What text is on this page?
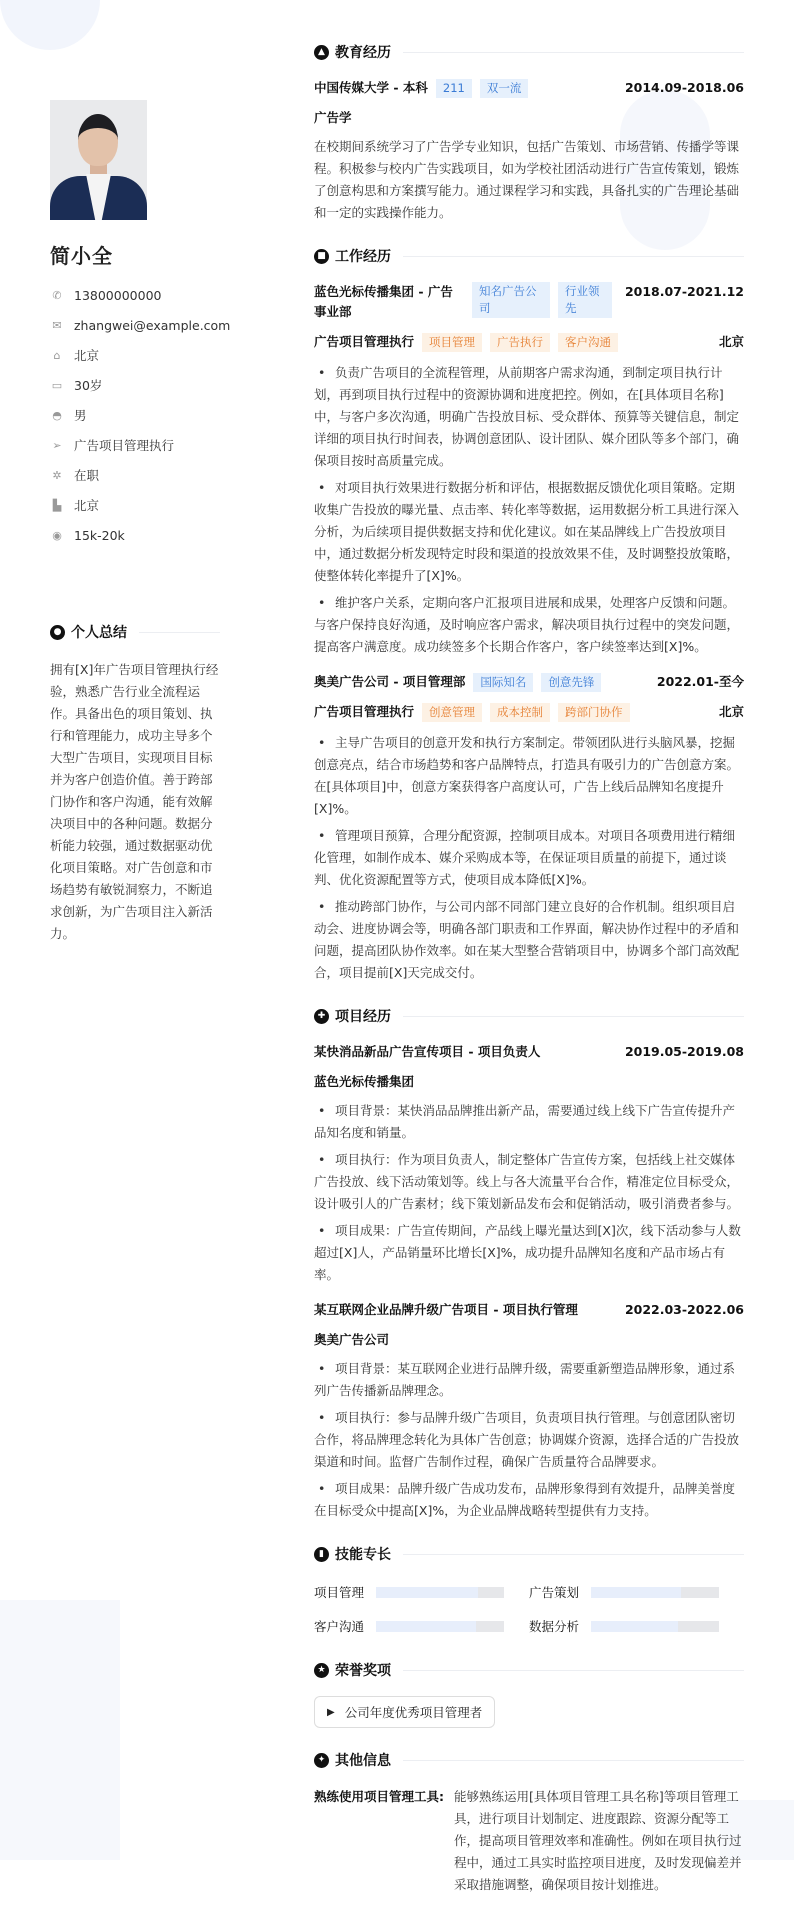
简小全
✆ 13800000000
✉ zhangwei@example.com
⌂ 北京
▭ 30岁
◓ 男
➢ 广告项目管理执行
✲ 在职
▙ 北京
◉ 15k-20k
● 个人总结
拥有[X]年广告项目管理执行经验，熟悉广告行业全流程运作。具备出色的项目策划、执行和管理能力，成功主导多个大型广告项目，实现项目目标并为客户创造价值。善于跨部门协作和客户沟通，能有效解决项目中的各种问题。数据分析能力较强，通过数据驱动优化项目策略。对广告创意和市场趋势有敏锐洞察力，不断追求创新，为广告项目注入新活力。
▲ 教育经历
中国传媒大学 - 本科 211 双一流	2014.09-2018.06
广告学
在校期间系统学习了广告学专业知识，包括广告策划、市场营销、传播学等课程。积极参与校内广告实践项目，如为学校社团活动进行广告宣传策划，锻炼了创意构思和方案撰写能力。通过课程学习和实践，具备扎实的广告理论基础和一定的实践操作能力。
■ 工作经历
蓝色光标传播集团 - 广告事业部
知名广告公司
行业领先
2018.07-2021.12
广告项目管理执行 项目管理 广告执行 客户沟通	北京
• 负责广告项目的全流程管理，从前期客户需求沟通，到制定项目执行计划，再到项目执行过程中的资源协调和进度把控。例如，在[具体项目名称]中，与客户多次沟通，明确广告投放目标、受众群体、预算等关键信息，制定详细的项目执行时间表，协调创意团队、设计团队、媒介团队等多个部门，确保项目按时高质量完成。
• 对项目执行效果进行数据分析和评估，根据数据反馈优化项目策略。定期收集广告投放的曝光量、点击率、转化率等数据，运用数据分析工具进行深入分析，为后续项目提供数据支持和优化建议。如在某品牌线上广告投放项目中，通过数据分析发现特定时段和渠道的投放效果不佳，及时调整投放策略，使整体转化率提升了[X]%。
• 维护客户关系，定期向客户汇报项目进展和成果，处理客户反馈和问题。与客户保持良好沟通，及时响应客户需求，解决项目执行过程中的突发问题，提高客户满意度。成功续签多个长期合作客户，客户续签率达到[X]%。
奥美广告公司 - 项目管理部 国际知名 创意先锋	2022.01-至今
广告项目管理执行 创意管理 成本控制 跨部门协作	北京
• 主导广告项目的创意开发和执行方案制定。带领团队进行头脑风暴，挖掘创意亮点，结合市场趋势和客户品牌特点，打造具有吸引力的广告创意方案。在[具体项目]中，创意方案获得客户高度认可，广告上线后品牌知名度提升[X]%。
• 管理项目预算，合理分配资源，控制项目成本。对项目各项费用进行精细化管理，如制作成本、媒介采购成本等，在保证项目质量的前提下，通过谈判、优化资源配置等方式，使项目成本降低[X]%。
• 推动跨部门协作，与公司内部不同部门建立良好的合作机制。组织项目启动会、进度协调会等，明确各部门职责和工作界面，解决协作过程中的矛盾和问题，提高团队协作效率。如在某大型整合营销项目中，协调多个部门高效配合，项目提前[X]天完成交付。
✚ 项目经历
某快消品新品广告宣传项目 - 项目负责人	2019.05-2019.08
蓝色光标传播集团
• 项目背景：某快消品品牌推出新产品，需要通过线上线下广告宣传提升产品知名度和销量。
• 项目执行：作为项目负责人，制定整体广告宣传方案，包括线上社交媒体广告投放、线下活动策划等。线上与各大流量平台合作，精准定位目标受众，设计吸引人的广告素材；线下策划新品发布会和促销活动，吸引消费者参与。
• 项目成果：广告宣传期间，产品线上曝光量达到[X]次，线下活动参与人数超过[X]人，产品销量环比增长[X]%，成功提升品牌知名度和产品市场占有率。
某互联网企业品牌升级广告项目 - 项目执行管理	2022.03-2022.06
奥美广告公司
• 项目背景：某互联网企业进行品牌升级，需要重新塑造品牌形象，通过系列广告传播新品牌理念。
• 项目执行：参与品牌升级广告项目，负责项目执行管理。与创意团队密切合作，将品牌理念转化为具体广告创意；协调媒介资源，选择合适的广告投放渠道和时间。监督广告制作过程，确保广告质量符合品牌要求。
• 项目成果：品牌升级广告成功发布，品牌形象得到有效提升，品牌美誉度在目标受众中提高[X]%，为企业品牌战略转型提供有力支持。
▮ 技能专长
项目管理	广告策划
客户沟通	数据分析
★ 荣誉奖项
▶ 公司年度优秀项目管理者
✦ 其他信息
熟练使用项目管理工具: 能够熟练运用[具体项目管理工具名称]等项目管理工具，进行项目计划制定、进度跟踪、资源分配等工作，提高项目管理效率和准确性。例如在项目执行过程中，通过工具实时监控项目进度，及时发现偏差并采取措施调整，确保项目按计划推进。
